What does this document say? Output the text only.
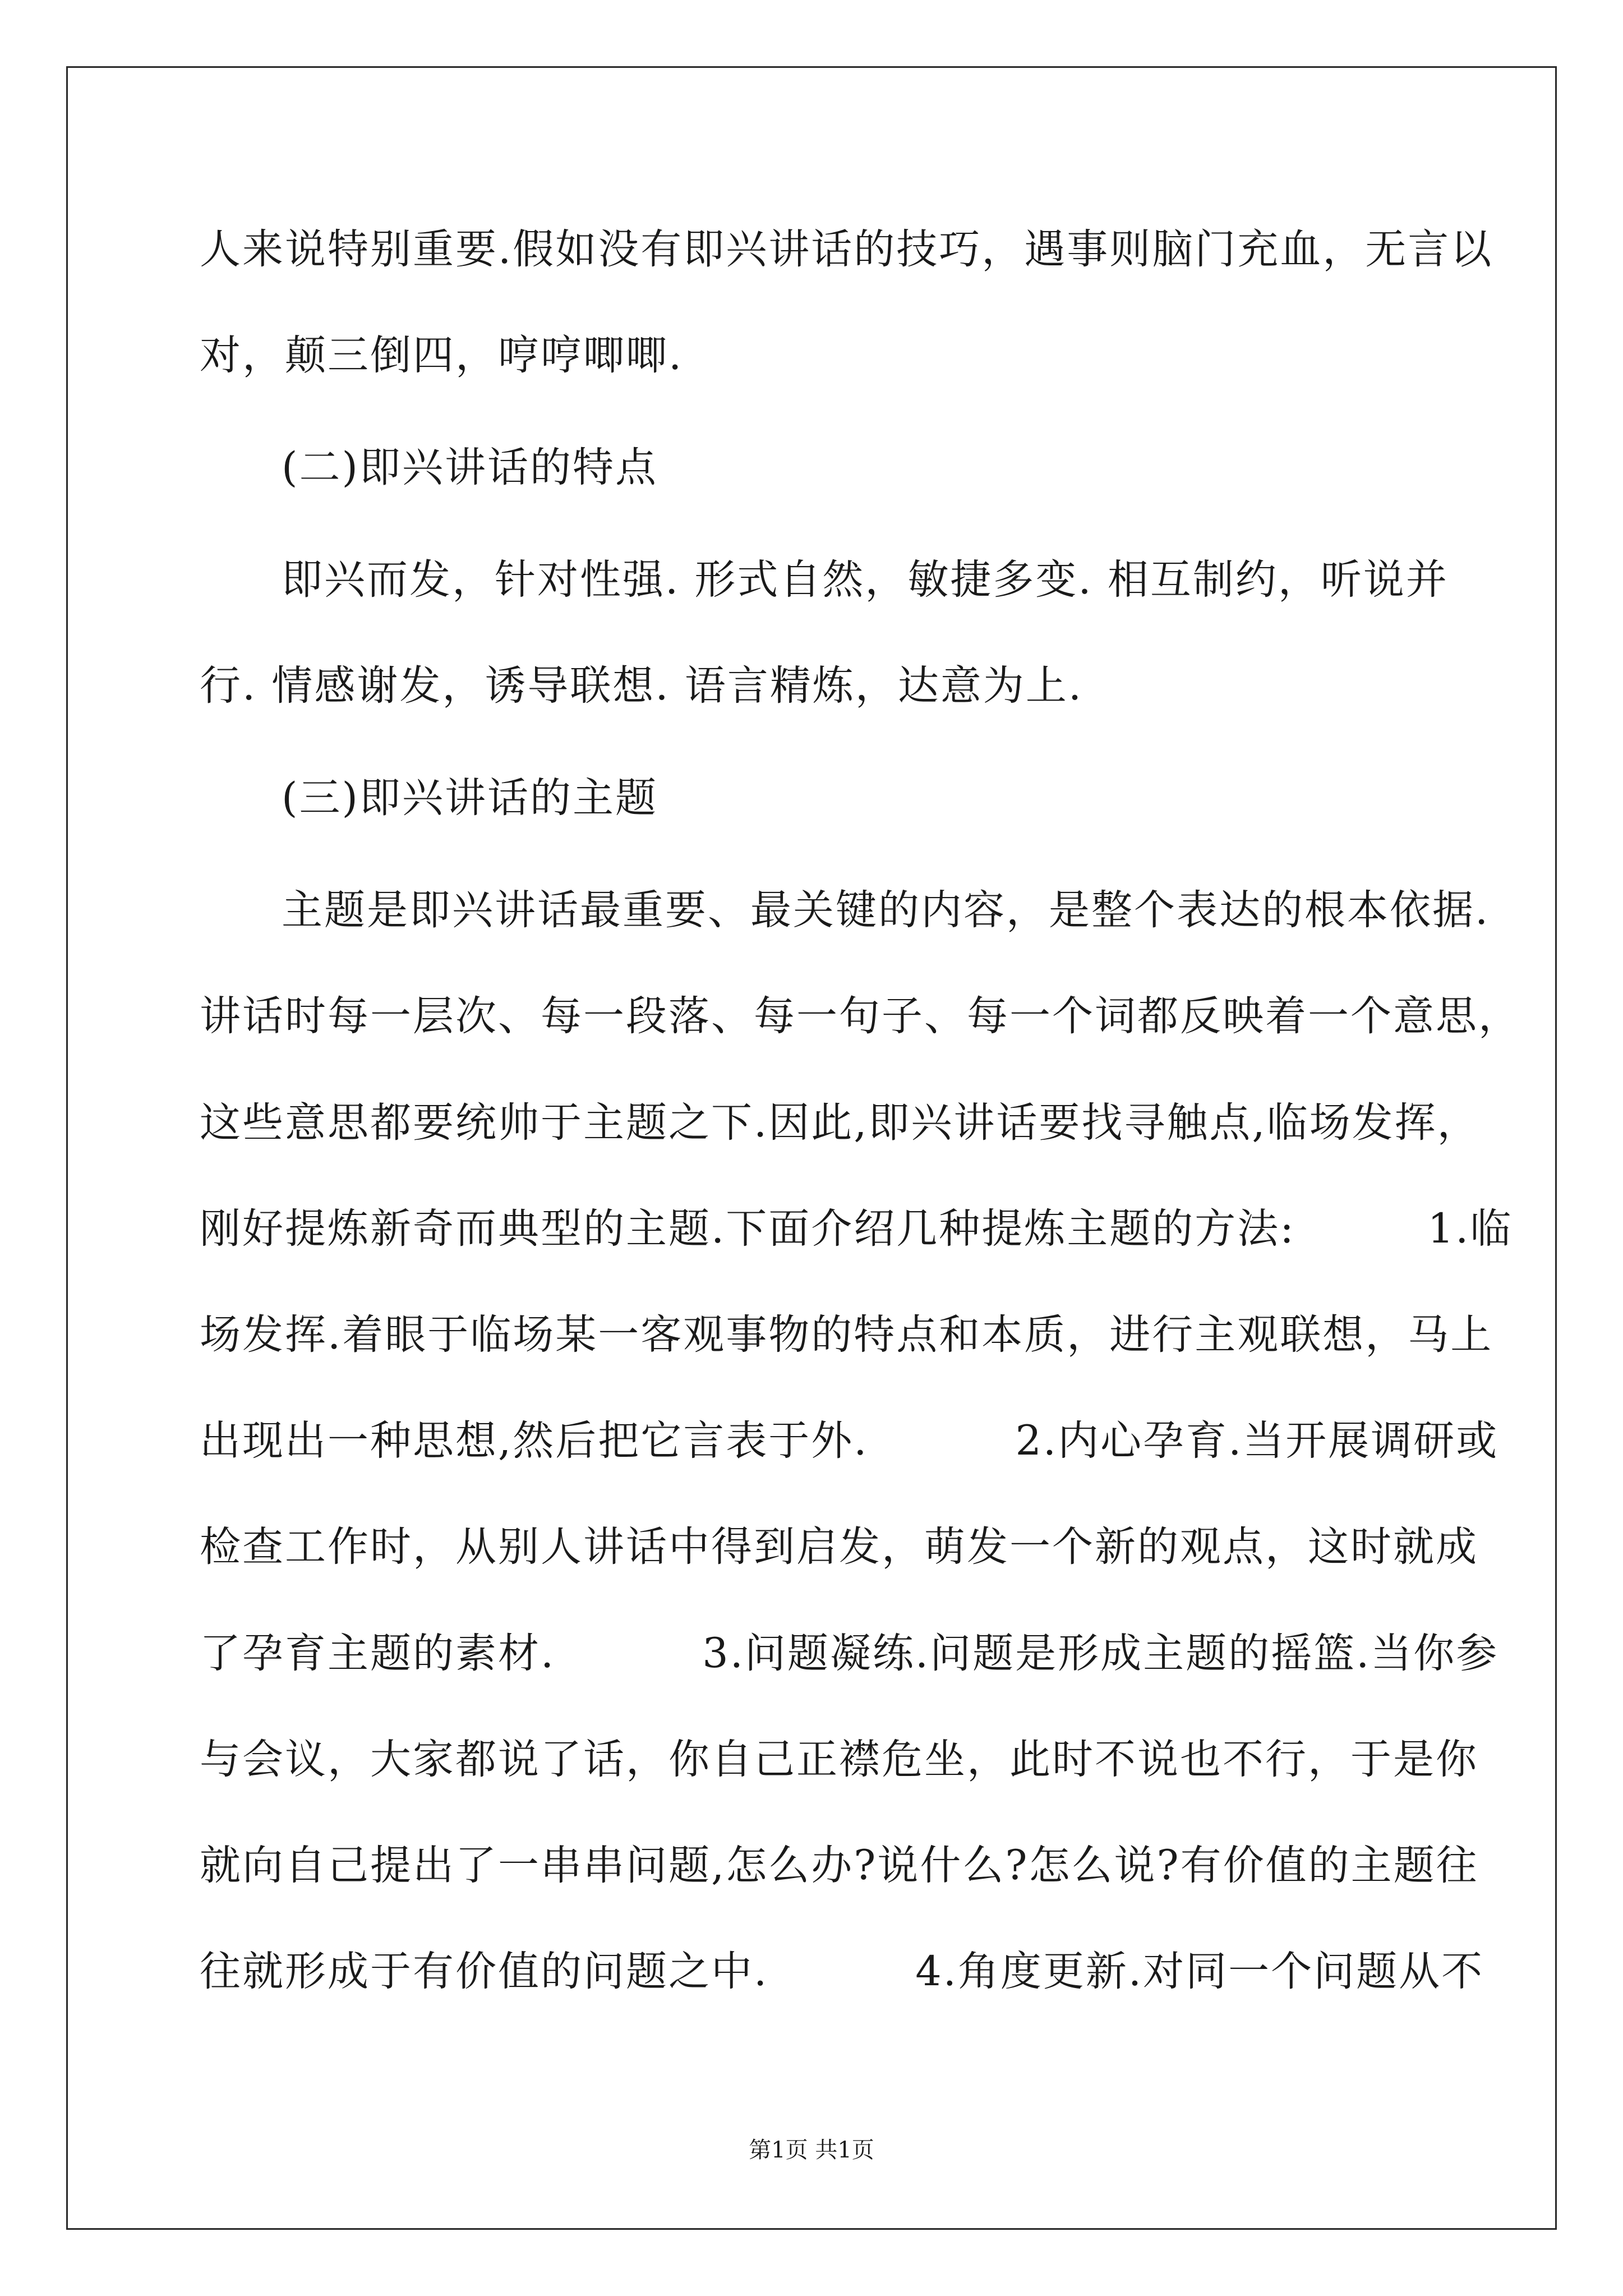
人来说特别重要.假如没有即兴讲话的技巧，遇事则脑门充血，无言以
对，颠三倒四，哼哼唧唧.
(二)即兴讲话的特点
即兴而发，针对性强. 形式自然，敏捷多变. 相互制约，听说并
行. 情感谢发，诱导联想. 语言精炼，达意为上.
(三)即兴讲话的主题
主题是即兴讲话最重要、最关键的内容，是整个表达的根本依据.
讲话时每一层次、每一段落、每一句子、每一个词都反映着一个意思，
这些意思都要统帅于主题之下.因此,即兴讲话要找寻触点,临场发挥，
刚好提炼新奇而典型的主题.下面介绍几种提炼主题的方法:         1.临
场发挥.着眼于临场某一客观事物的特点和本质，进行主观联想，马上
出现出一种思想,然后把它言表于外.          2.内心孕育.当开展调研或
检查工作时，从别人讲话中得到启发，萌发一个新的观点，这时就成
了孕育主题的素材.          3.问题凝练.问题是形成主题的摇篮.当你参
与会议，大家都说了话，你自己正襟危坐，此时不说也不行，于是你
就向自己提出了一串串问题,怎么办?说什么?怎么说?有价值的主题往
往就形成于有价值的问题之中.          4.角度更新.对同一个问题从不
第1页 共1页
